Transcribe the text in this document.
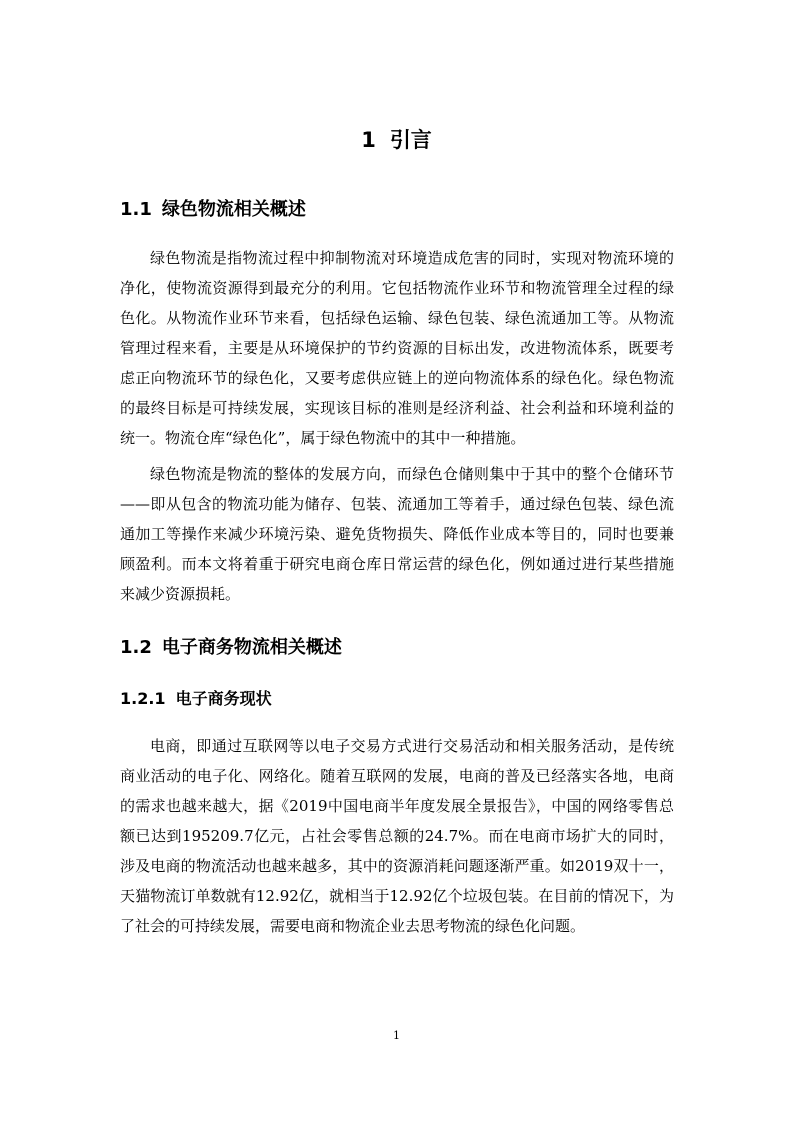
1 引言
1.1 绿色物流相关概述

绿色物流是指物流过程中抑制物流对环境造成危害的同时，实现对物流环境的净化，使物流资源得到最充分的利用。它包括物流作业环节和物流管理全过程的绿色化。从物流作业环节来看，包括绿色运输、绿色包装、绿色流通加工等。从物流管理过程来看，主要是从环境保护的节约资源的目标出发，改进物流体系，既要考虑正向物流环节的绿色化，又要考虑供应链上的逆向物流体系的绿色化。绿色物流的最终目标是可持续发展，实现该目标的准则是经济利益、社会利益和环境利益的统一。物流仓库“绿色化”，属于绿色物流中的其中一种措施。

绿色物流是物流的整体的发展方向，而绿色仓储则集中于其中的整个仓储环节——即从包含的物流功能为储存、包装、流通加工等着手，通过绿色包装、绿色流通加工等操作来减少环境污染、避免货物损失、降低作业成本等目的，同时也要兼顾盈利。而本文将着重于研究电商仓库日常运营的绿色化，例如通过进行某些措施来减少资源损耗。

1.2 电子商务物流相关概述
1.2.1 电子商务现状

电商，即通过互联网等以电子交易方式进行交易活动和相关服务活动，是传统商业活动的电子化、网络化。随着互联网的发展，电商的普及已经落实各地，电商的需求也越来越大，据《2019中国电商半年度发展全景报告》，中国的网络零售总额已达到195209.7亿元，占社会零售总额的24.7%。而在电商市场扩大的同时，涉及电商的物流活动也越来越多，其中的资源消耗问题逐渐严重。如2019双十一，天猫物流订单数就有12.92亿，就相当于12.92亿个垃圾包装。在目前的情况下，为了社会的可持续发展，需要电商和物流企业去思考物流的绿色化问题。

1
